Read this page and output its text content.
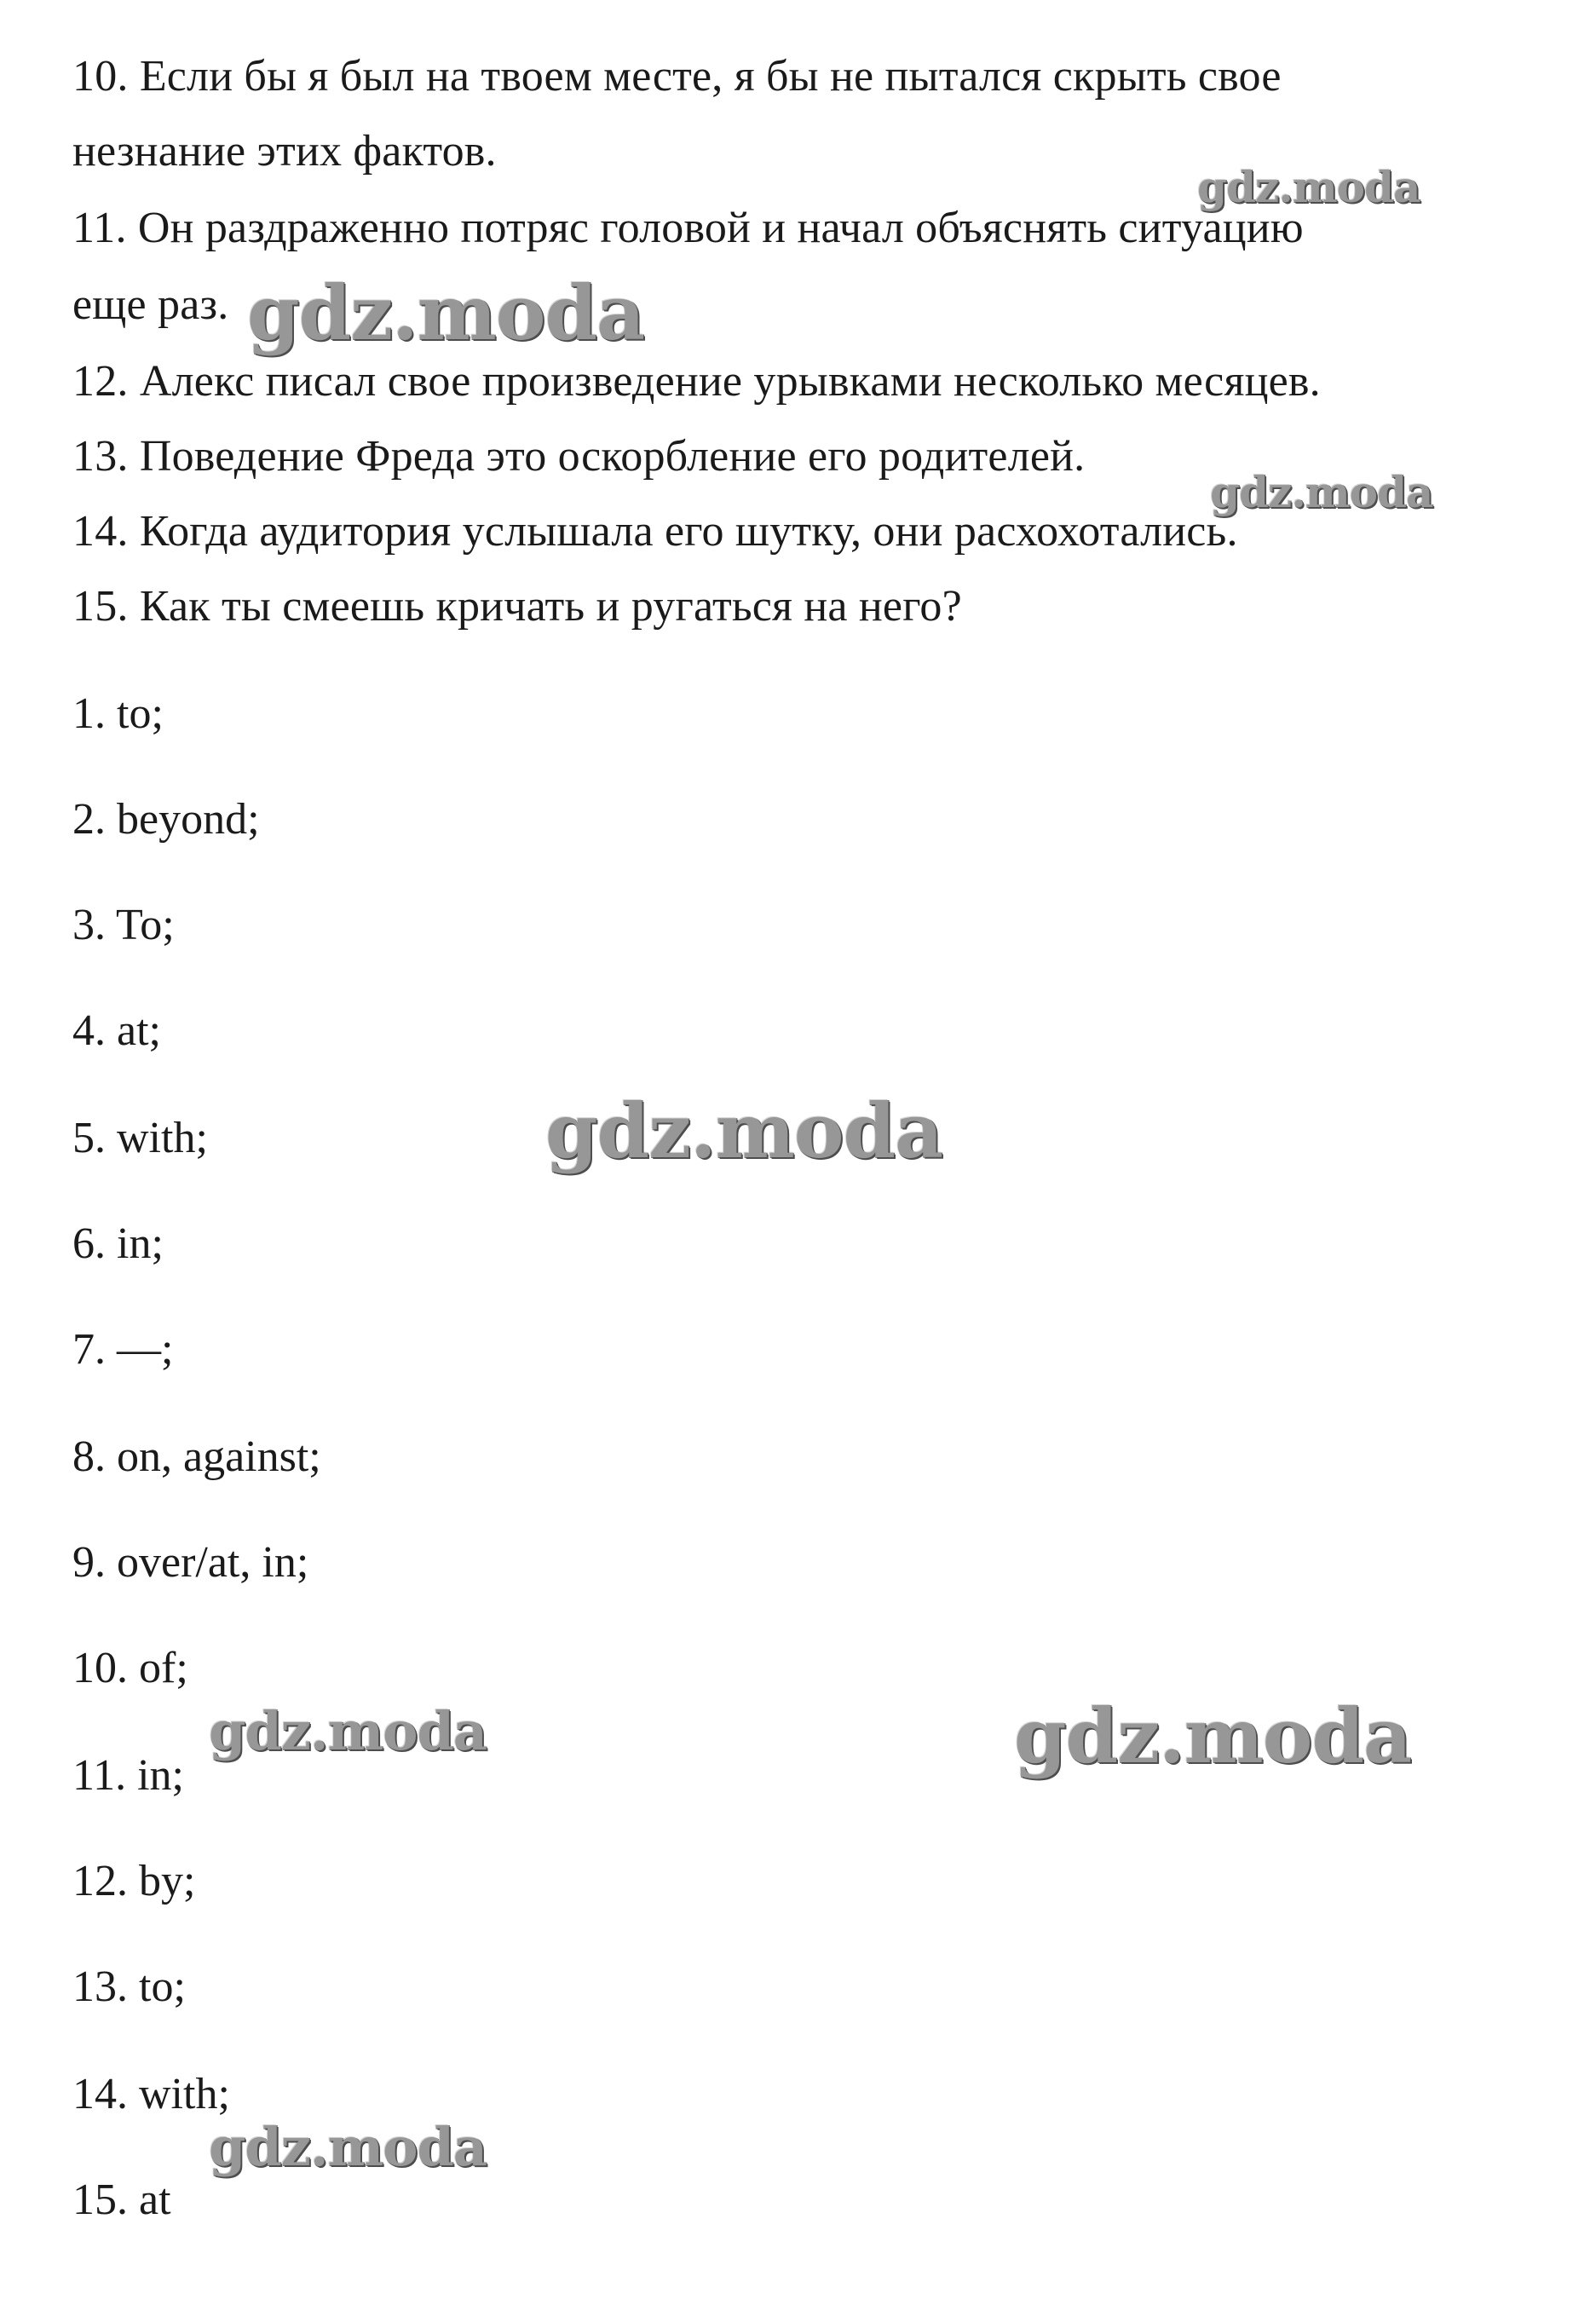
10. Если бы я был на твоем месте, я бы не пытался скрыть свое
незнание этих фактов.
11. Он раздраженно потряс головой и начал объяснять ситуацию
еще раз.
12. Алекс писал свое произведение урывками несколько месяцев.
13. Поведение Фреда это оскорбление его родителей.
14. Когда аудитория услышала его шутку, они расхохотались.
15. Как ты смеешь кричать и ругаться на него?
1. to;
2. beyond;
3. To;
4. at;
5. with;
6. in;
7. —;
8. on, against;
9. over/at, in;
10. of;
11. in;
12. by;
13. to;
14. with;
15. at
gdz.moda
gdz.moda
gdz.moda
gdz.moda
gdz.moda	gdz.moda
gdz.moda
